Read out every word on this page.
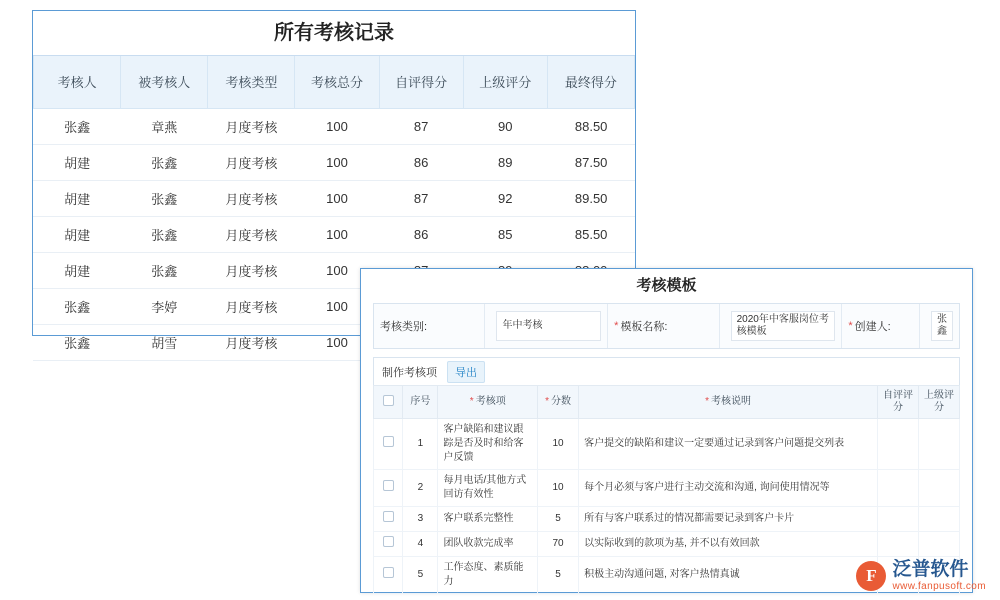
所有考核记录
考核人	被考核人	考核类型	考核总分	自评得分	上级评分	最终得分
张鑫	章燕	月度考核	100	87	90	88.50
胡建	张鑫	月度考核	100	86	89	87.50
胡建	张鑫	月度考核	100	87	92	89.50
胡建	张鑫	月度考核	100	86	85	85.50
胡建	张鑫	月度考核	100			
张鑫	李婷	月度考核	100			
张鑫	胡雪	月度考核	100			
考核模板
考核类别:	年中考核	* 模板名称:
2020年中客服岗位考核模板	* 创建人:
张鑫
制作考核项	导出
	序号	* 考核项	* 分数	* 考核说明	自评评分	上级评分
	1	客户缺陷和建议跟踪是否及时和给客户反馈	10	客户提交的缺陷和建议一定要通过记录到客户问题提交列表		
	2	每月电话/其他方式回访有效性	10	每个月必须与客户进行主动交流和沟通, 询问使用情况等		
	3	客户联系完整性	5	所有与客户联系过的情况都需要记录到客户卡片		
	4	团队收款完成率	70	以实际收到的款项为基, 并不以有效回款		
	5	工作态度、素质能力	5	积极主动沟通问题, 对客户热情真诚			F 泛普软件
www.fanpusoft.com
